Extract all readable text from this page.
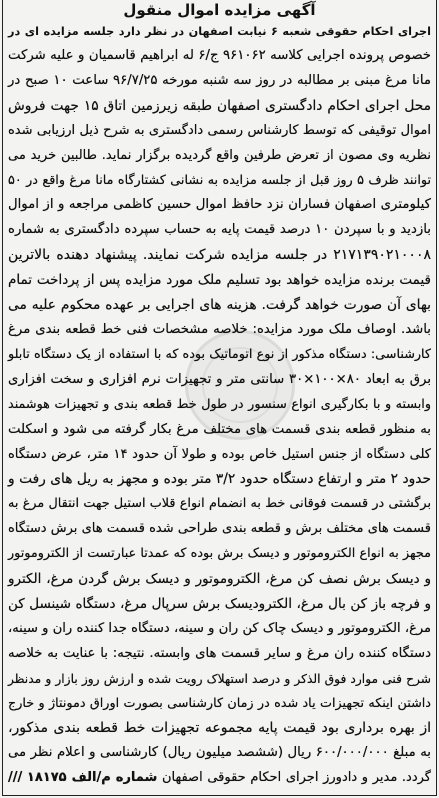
آگهی مزایده اموال منقول
اجرای احکام حقوقی شعبه ۶ نیابت اصفهان در نظر دارد جلسه مزایده ای در
خصوص پرونده اجرایی کلاسه ۹۶۱۰۶۲ ج/۶ له ابراهیم قاسمیان و علیه شرکت
مانا مرغ مبنی بر مطالبه در روز سه شنبه مورخه ۹۶/۷/۲۵ ساعت ۱۰ صبح در
محل اجرای احکام دادگستری اصفهان طبقه زیرزمین اتاق ۱۵ جهت فروش
اموال توقیفی که توسط کارشناس رسمی دادگستری به شرح ذیل ارزیابی شده
نظریه وی مصون از تعرض طرفین واقع گردیده برگزار نماید. طالبین خرید می
توانند ظرف ۵ روز قبل از جلسه مزایده به نشانی کشتارگاه مانا مرغ واقع در ۵۰
کیلومتری اصفهان فساران نزد حافظ اموال حسین کاظمی مراجعه و از اموال
بازدید و با سپردن ۱۰ درصد قیمت پایه به حساب سپرده دادگستری به شماره
۲۱۷۱۳۹۰۲۱۰۰۰۸ در جلسه مزایده شرکت نمایند. پیشنهاد دهنده بالاترین
قیمت برنده مزایده خواهد بود تسلیم ملک مورد مزایده پس از پرداخت تمام
بهای آن صورت خواهد گرفت. هزینه های اجرایی بر عهده محکوم علیه می
باشد. اوصاف ملک مورد مزایده: خلاصه مشخصات فنی خط قطعه بندی مرغ
کارشناسی: دستگاه مذکور از نوع اتوماتیک بوده که با استفاده از یک دستگاه تابلو
برق به ابعاد ۸۰×۱۰۰×۳۰ سانتی متر و تجهیزات نرم افزاری و سخت افزاری
وابسته و با بکارگیری انواع سنسور در طول خط قطعه بندی و تجهیزات هوشمند
به منظور قطعه بندی قسمت های مختلف مرغ بکار گرفته می شود و اسکلت
کلی دستگاه از جنس استیل خاص بوده و طولا آن حدود ۱۴ متر، عرض دستگاه
حدود ۲ متر و ارتفاع دستگاه حدود ۳/۲ متر بوده و مجهز به ریل های رفت و
برگشتی در قسمت فوقانی خط به انضمام انواع قلاب استیل جهت انتقال مرغ به
قسمت های مختلف برش و قطعه بندی طراحی شده قسمت های برش دستگاه
مجهز به انواع الکتروموتور و دیسک برش بوده که عمدتا عبارتست از الکتروموتور
و دیسک برش نصف کن مرغ، الکتروموتور و دیسک برش گردن مرغ، الکترو
و فرچه باز کن بال مرغ، الکترودیسک برش سرپال مرغ، دستگاه شینسل کن
مرغ، الکتروموتور و دیسک چاک کن ران و سینه، دستگاه جدا کننده ران و سینه،
دستگاه کننده ران مرغ و سایر قسمت های وابسته. نتیجه: با عنایت به خلاصه
شرح فنی موارد فوق الذکر و درصد استهلاک رویت شده و ارزش روز بازار و مدنظر
داشتن اینکه تجهیزات یاد شده در زمان کارشناسی بصورت اوراق دمونتاژ و خارج
از بهره برداری بود قیمت پایه مجموعه تجهیزات خط قطعه بندی مذکور،
به مبلغ ۶۰۰/۰۰۰/۰۰۰ ریال (ششصد میلیون ریال) کارشناسی و اعلام نظر می
گردد. مدیر و دادورز اجرای احکام حقوقی اصفهان شماره م/الف ۱۸۱۷۵ ///
